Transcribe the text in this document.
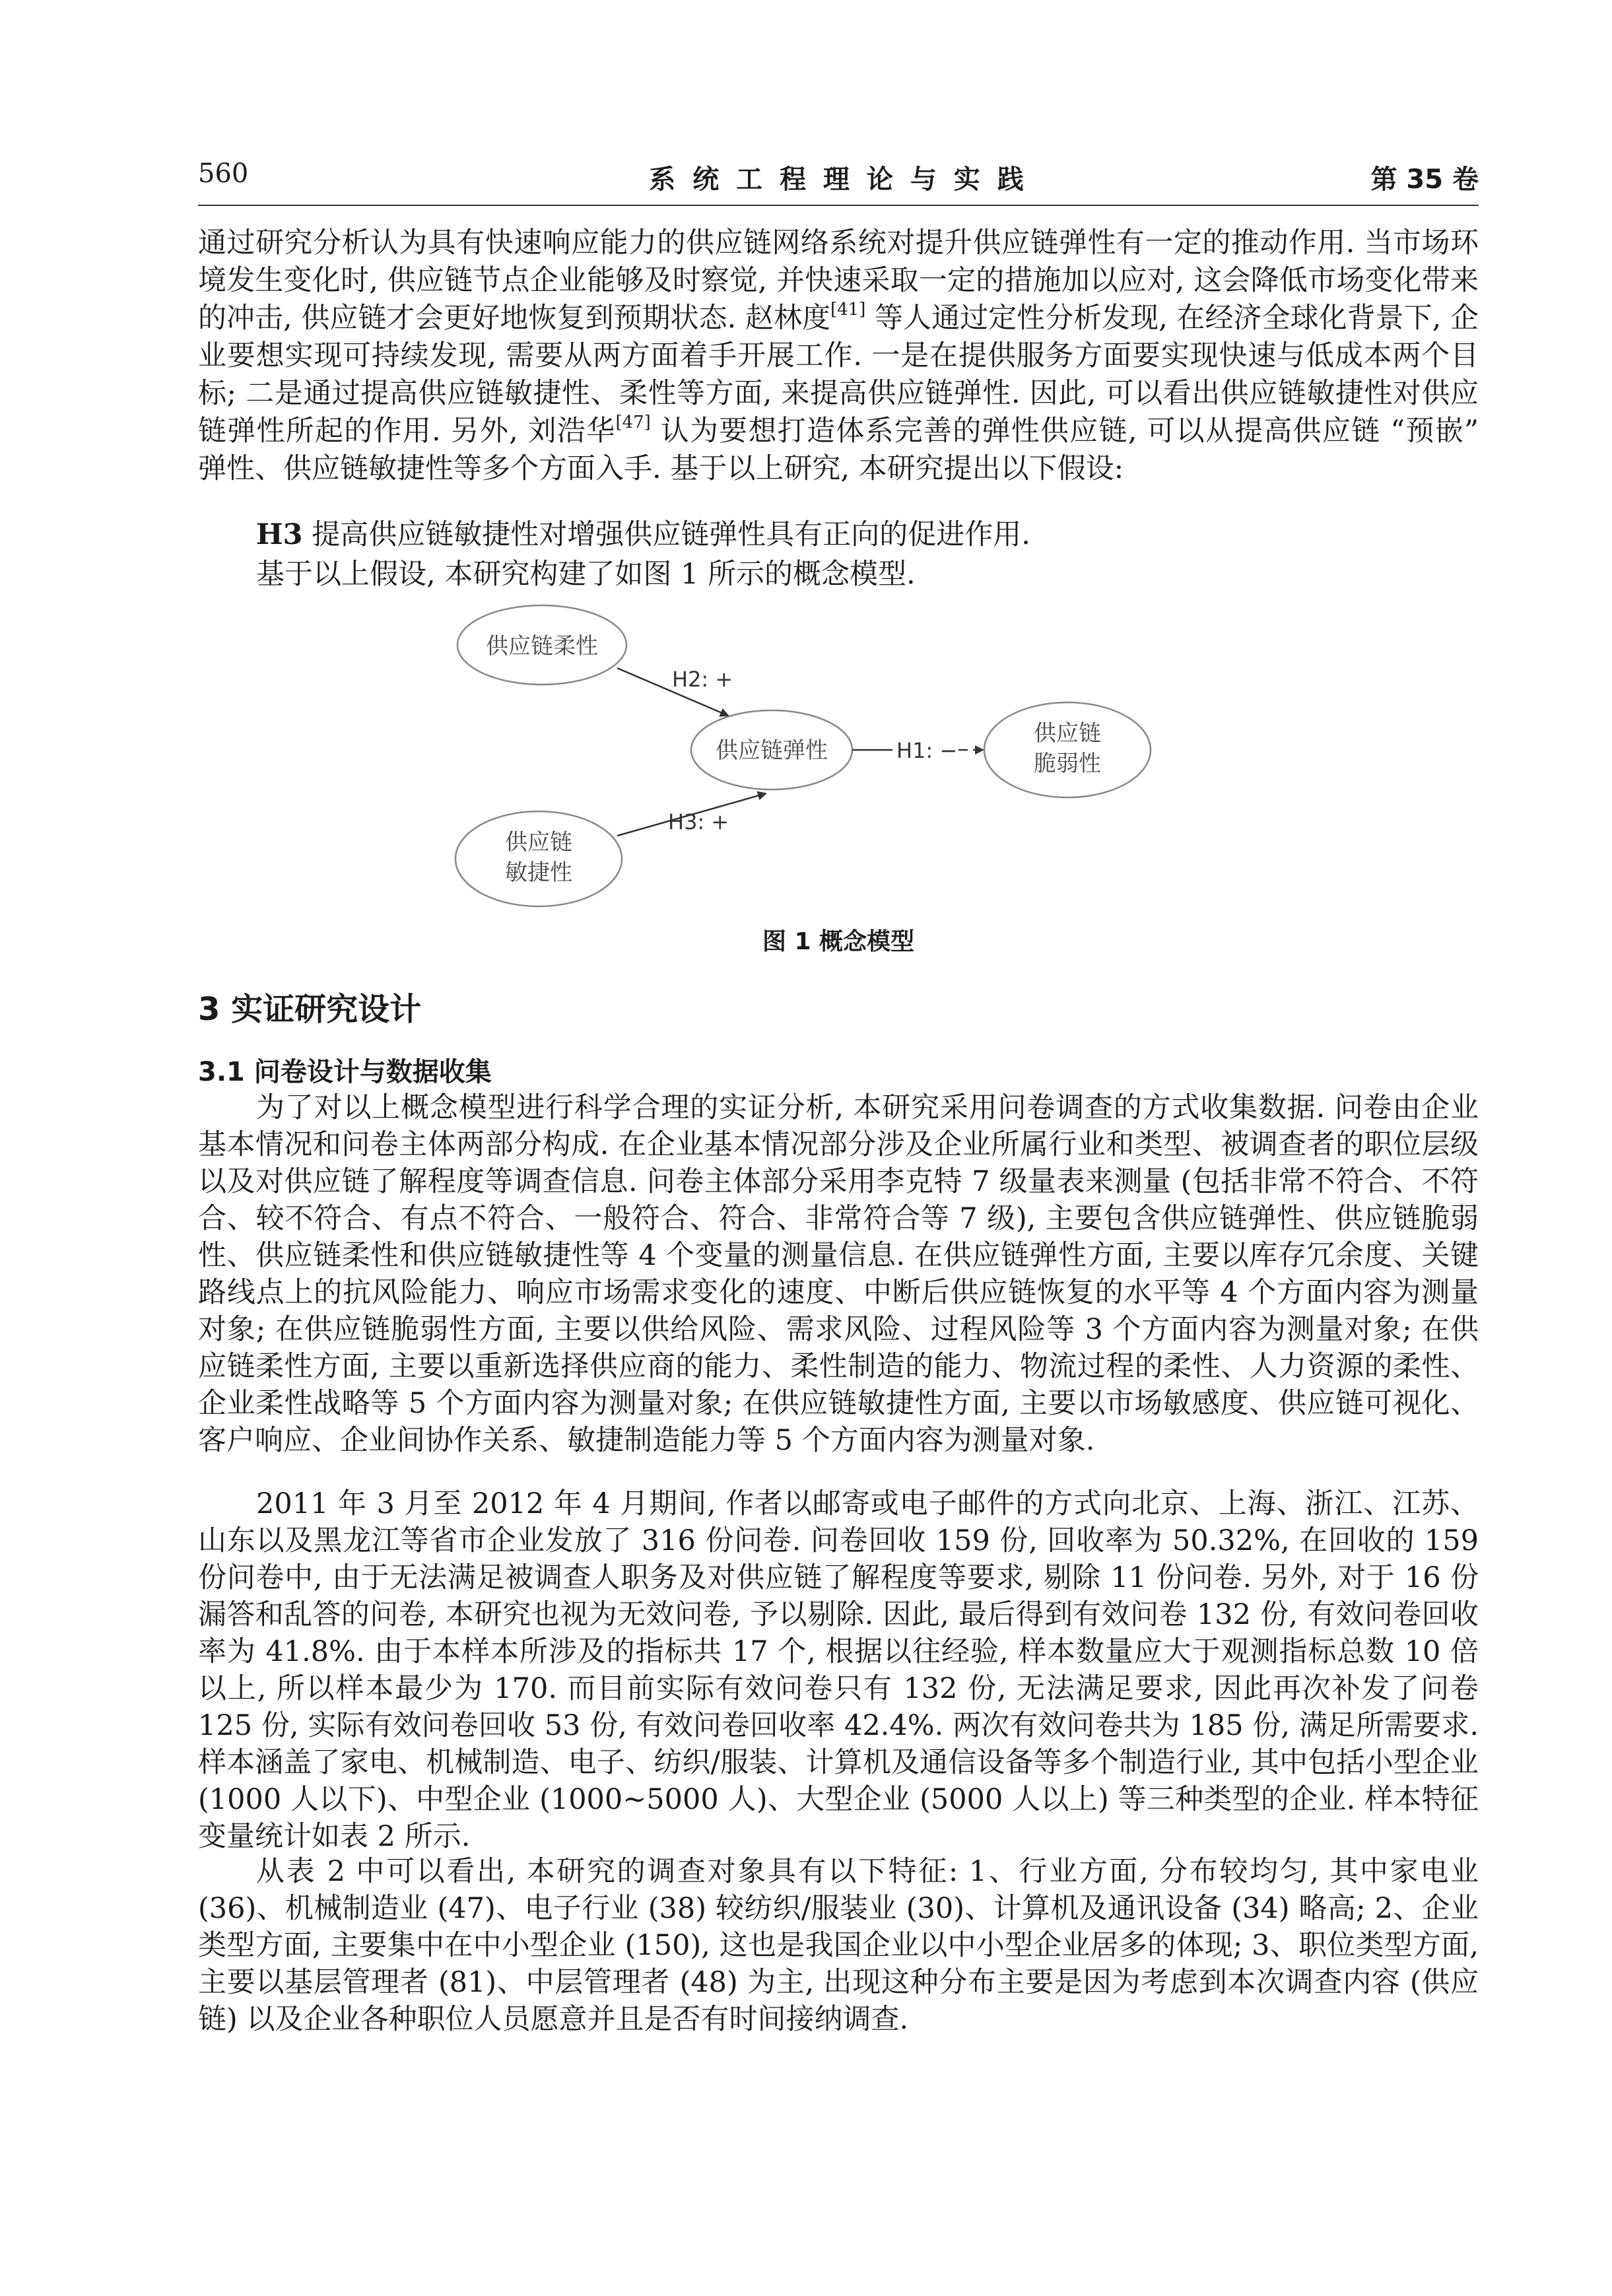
560	系 统 工 程 理 论 与 实 践	第 35 卷
通过研究分析认为具有快速响应能力的供应链网络系统对提升供应链弹性有一定的推动作用. 当市场环境发生变化时, 供应链节点企业能够及时察觉, 并快速采取一定的措施加以应对, 这会降低市场变化带来的冲击, 供应链才会更好地恢复到预期状态. 赵林度[41] 等人通过定性分析发现, 在经济全球化背景下, 企业要想实现可持续发现, 需要从两方面着手开展工作. 一是在提供服务方面要实现快速与低成本两个目标; 二是通过提高供应链敏捷性、柔性等方面, 来提高供应链弹性. 因此, 可以看出供应链敏捷性对供应链弹性所起的作用. 另外, 刘浩华[47] 认为要想打造体系完善的弹性供应链, 可以从提高供应链 “预嵌” 弹性、供应链敏捷性等多个方面入手. 基于以上研究, 本研究提出以下假设:
H3 提高供应链敏捷性对增强供应链弹性具有正向的促进作用.
基于以上假设, 本研究构建了如图 1 所示的概念模型.
供应链柔性
供应链弹性
供应链
脆弱性
供应链
敏捷性
H2: +
H3: +
H1: −
图 1 概念模型
3 实证研究设计
3.1 问卷设计与数据收集
为了对以上概念模型进行科学合理的实证分析, 本研究采用问卷调查的方式收集数据. 问卷由企业基本情况和问卷主体两部分构成. 在企业基本情况部分涉及企业所属行业和类型、被调查者的职位层级以及对供应链了解程度等调查信息. 问卷主体部分采用李克特 7 级量表来测量 (包括非常不符合、不符合、较不符合、有点不符合、一般符合、符合、非常符合等 7 级), 主要包含供应链弹性、供应链脆弱性、供应链柔性和供应链敏捷性等 4 个变量的测量信息. 在供应链弹性方面, 主要以库存冗余度、关键路线点上的抗风险能力、响应市场需求变化的速度、中断后供应链恢复的水平等 4 个方面内容为测量对象; 在供应链脆弱性方面, 主要以供给风险、需求风险、过程风险等 3 个方面内容为测量对象; 在供应链柔性方面, 主要以重新选择供应商的能力、柔性制造的能力、物流过程的柔性、人力资源的柔性、企业柔性战略等 5 个方面内容为测量对象; 在供应链敏捷性方面, 主要以市场敏感度、供应链可视化、客户响应、企业间协作关系、敏捷制造能力等 5 个方面内容为测量对象.
2011 年 3 月至 2012 年 4 月期间, 作者以邮寄或电子邮件的方式向北京、上海、浙江、江苏、山东以及黑龙江等省市企业发放了 316 份问卷. 问卷回收 159 份, 回收率为 50.32%, 在回收的 159 份问卷中, 由于无法满足被调查人职务及对供应链了解程度等要求, 剔除 11 份问卷. 另外, 对于 16 份漏答和乱答的问卷, 本研究也视为无效问卷, 予以剔除. 因此, 最后得到有效问卷 132 份, 有效问卷回收率为 41.8%. 由于本样本所涉及的指标共 17 个, 根据以往经验, 样本数量应大于观测指标总数 10 倍以上, 所以样本最少为 170. 而目前实际有效问卷只有 132 份, 无法满足要求, 因此再次补发了问卷 125 份, 实际有效问卷回收 53 份, 有效问卷回收率 42.4%. 两次有效问卷共为 185 份, 满足所需要求. 样本涵盖了家电、机械制造、电子、纺织/服装、计算机及通信设备等多个制造行业, 其中包括小型企业 (1000 人以下)、中型企业 (1000~5000 人)、大型企业 (5000 人以上) 等三种类型的企业. 样本特征变量统计如表 2 所示.
从表 2 中可以看出, 本研究的调查对象具有以下特征: 1、行业方面, 分布较均匀, 其中家电业 (36)、机械制造业 (47)、电子行业 (38) 较纺织/服装业 (30)、计算机及通讯设备 (34) 略高; 2、企业类型方面, 主要集中在中小型企业 (150), 这也是我国企业以中小型企业居多的体现; 3、职位类型方面, 主要以基层管理者 (81)、中层管理者 (48) 为主, 出现这种分布主要是因为考虑到本次调查内容 (供应链) 以及企业各种职位人员愿意并且是否有时间接纳调查.
